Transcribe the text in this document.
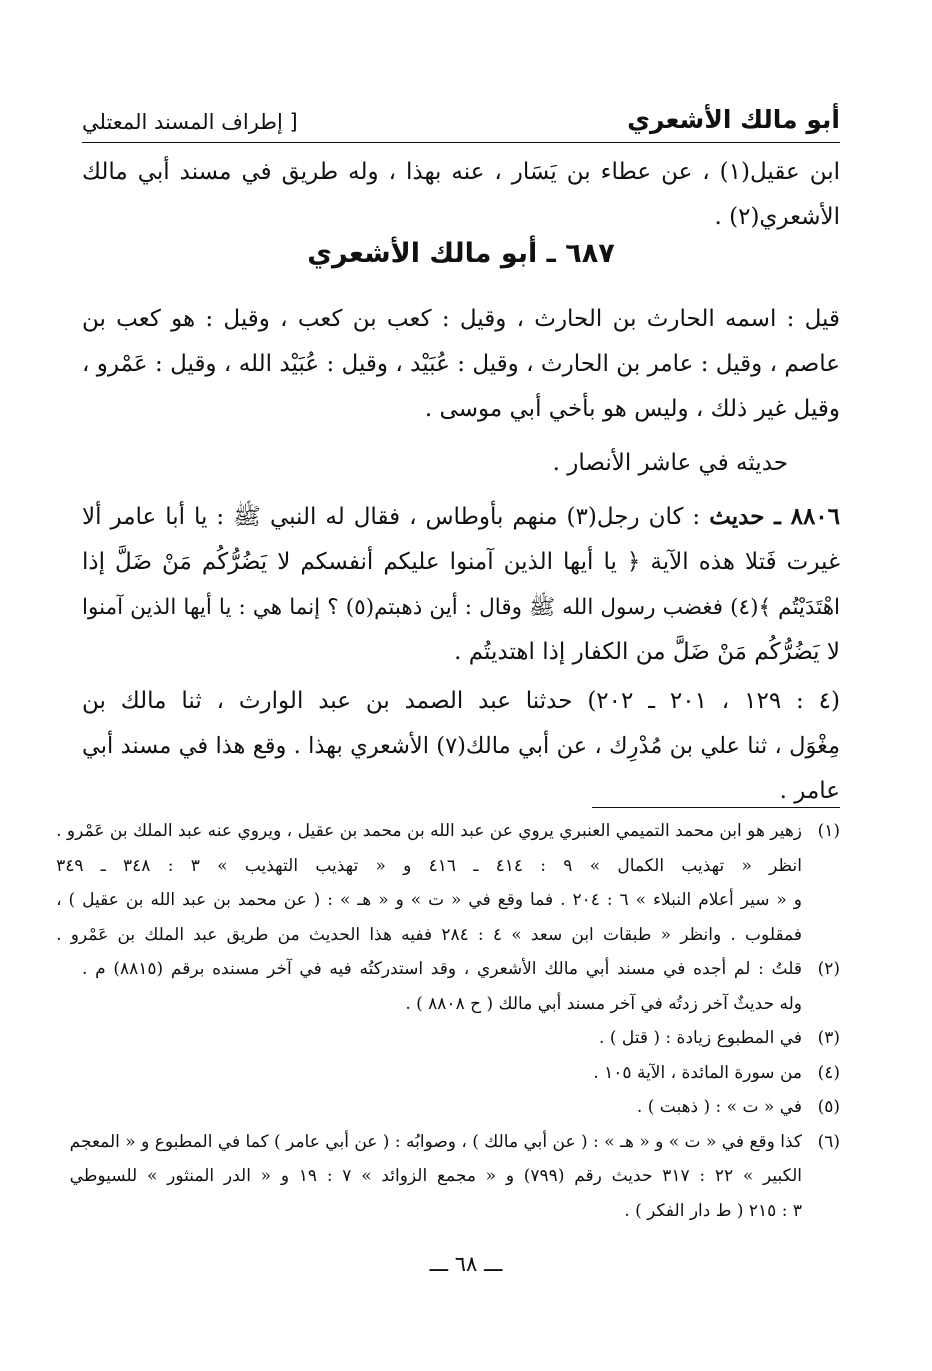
أبو مالك الأشعري
[ إطراف المسند المعتلي
ابن عقيل(١) ، عن عطاء بن يَسَار ، عنه بهذا ، وله طريق في مسند أبي مالك
الأشعري(٢) .
٦٨٧ ـ أبو مالك الأشعري
قيل : اسمه الحارث بن الحارث ، وقيل : كعب بن كعب ، وقيل : هو كعب بن
عاصم ، وقيل : عامر بن الحارث ، وقيل : عُبَيْد ، وقيل : عُبَيْد الله ، وقيل : عَمْرو ،
وقيل غير ذلك ، وليس هو بأخي أبي موسى .
حديثه في عاشر الأنصار .
٨٨٠٦ ـ حديث : كان رجل(٣) منهم بأوطاس ، فقال له النبي ﷺ : يا أبا عامر ألا
غيرت فَتلا هذه الآية ﴿ يا أيها الذين آمنوا عليكم أنفسكم لا يَضُرُّكُم مَنْ ضَلَّ إذا
اهْتَدَيْتُم ﴾(٤) فغضب رسول الله ﷺ وقال : أين ذهبتم(٥) ؟ إنما هي : يا أيها الذين آمنوا
لا يَضُرُّكُم مَنْ ضَلَّ من الكفار إذا اهتديتُم .
(٤ : ١٢٩ ، ٢٠١ ـ ٢٠٢) حدثنا عبد الصمد بن عبد الوارث ، ثنا مالك بن
مِغْوَل ، ثنا علي بن مُدْرِك ، عن أبي مالك(٧) الأشعري بهذا . وقع هذا في مسند أبي
عامر .
(١)
زهير هو ابن محمد التميمي العنبري يروي عن عبد الله بن محمد بن عقيل ، ويروي عنه عبد الملك بن عَمْرو .
انظر « تهذيب الكمال » ٩ : ٤١٤ ـ ٤١٦ و « تهذيب التهذيب » ٣ : ٣٤٨ ـ ٣٤٩
و « سير أعلام النبلاء » ٦ : ٢٠٤ . فما وقع في « ت » و « هـ » : ( عن محمد بن عبد الله بن عقيل ) ،
فمقلوب . وانظر « طبقات ابن سعد » ٤ : ٢٨٤ ففيه هذا الحديث من طريق عبد الملك بن عَمْرو .
(٢)
قلتُ : لم أجده في مسند أبي مالك الأشعري ، وقد استدركتُه فيه في آخر مسنده برقم (٨٨١٥) م .
وله حديثٌ آخر زدتُه في آخر مسند أبي مالك ( ح ٨٨٠٨ ) .
(٣)
في المطبوع زيادة : ( قتل ) .
(٤)
من سورة المائدة ، الآية ١٠٥ .
(٥)
في « ت » : ( ذهبت ) .
(٦)
كذا وقع في « ت » و « هـ » : ( عن أبي مالك ) ، وصوابُه : ( عن أبي عامر ) كما في المطبوع و « المعجم
الكبير » ٢٢ : ٣١٧ حديث رقم (٧٩٩) و « مجمع الزوائد » ٧ : ١٩ و « الدر المنثور » للسيوطي
٣ : ٢١٥ ( ط دار الفكر ) .
ـــ ٦٨ ـــ
